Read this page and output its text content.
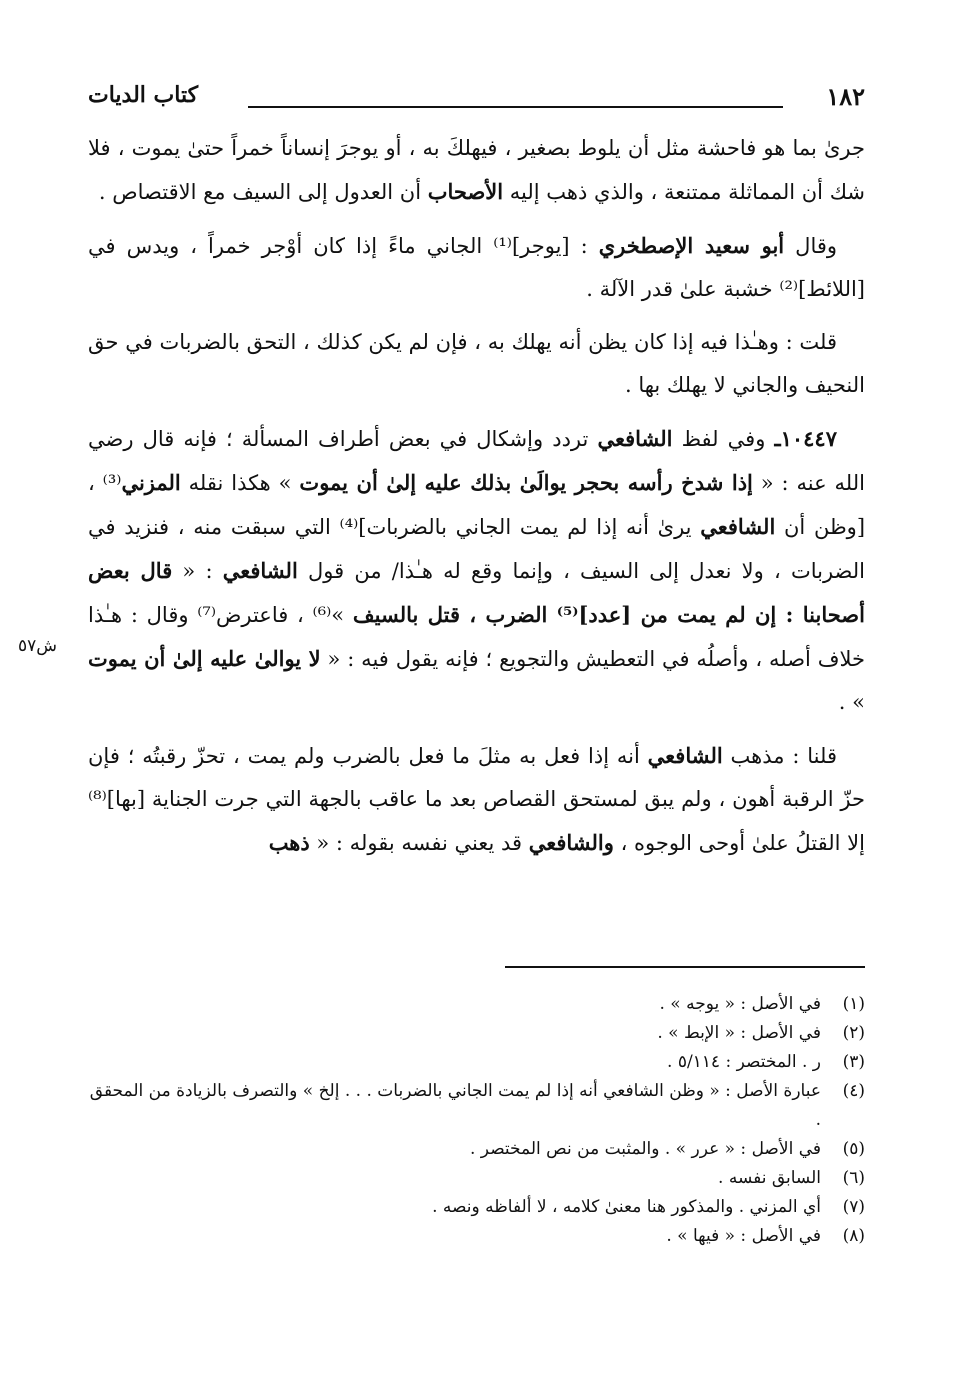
١٨٢
كتاب الديات
ش٥٧

جرىٰ بما هو فاحشة مثل أن يلوط بصغير ، فيهلكَ به ، أو يوجرَ إنساناً خمراً حتىٰ يموت ، فلا شك أن المماثلة ممتنعة ، والذي ذهب إليه الأصحاب أن العدول إلى السيف مع الاقتصاص .

وقال أبو سعيد الإصطخري : [يوجر]⁽¹⁾ الجاني ماءً إذا كان أوْجر خمراً ، ويدس في [اللائط]⁽²⁾ خشبة علىٰ قدر الآلة .

قلت : وهـٰذا فيه إذا كان يظن أنه يهلك به ، فإن لم يكن كذلك ، التحق بالضربات في حق النحيف والجاني لا يهلك بها .

١٠٤٤٧ـ وفي لفظ الشافعي تردد وإشكال في بعض أطراف المسألة ؛ فإنه قال رضي الله عنه : « إذا شدخ رأسه بحجر يوالَىٰ بذلك عليه إلىٰ أن يموت » هكذا نقله المزني⁽³⁾ ، [وظن أن الشافعي يرىٰ أنه إذا لم يمت الجاني بالضربات]⁽⁴⁾ التي سبقت منه ، فنزيد في الضربات ، ولا نعدل إلى السيف ، وإنما وقع له هـٰذا/ من قول الشافعي : « قال بعض أصحابنا : إن لم يمت من [عدد]⁽⁵⁾ الضرب ، قتل بالسيف »⁽⁶⁾ ، فاعترض⁽⁷⁾ وقال : هـٰذا خلاف أصله ، وأصلُه في التعطيش والتجويع ؛ فإنه يقول فيه : « لا يوالىٰ عليه إلىٰ أن يموت » .

قلنا : مذهب الشافعي أنه إذا فعل به مثلَ ما فعل بالضرب ولم يمت ، تحزّ رقبتُه ؛ فإن حزّ الرقبة أهون ، ولم يبق لمستحق القصاص بعد ما عاقب بالجهة التي جرت الجناية [بها]⁽⁸⁾ إلا القتلُ علىٰ أوحى الوجوه ، والشافعي قد يعني نفسه بقوله : « ذهب

(١)
في الأصل : « يوجه » .
(٢)
في الأصل : « الإبط » .
(٣)
ر . المختصر : ٥/١١٤ .
(٤)
عبارة الأصل : « وظن الشافعي أنه إذا لم يمت الجاني بالضربات . . . إلخ » والتصرف بالزيادة من المحقق .
(٥)
في الأصل : « عرر » . والمثبت من نص المختصر .
(٦)
السابق نفسه .
(٧)
أي المزني . والمذكور هنا معنىٰ كلامه ، لا ألفاظه ونصه .
(٨)
في الأصل : « فيها » .
